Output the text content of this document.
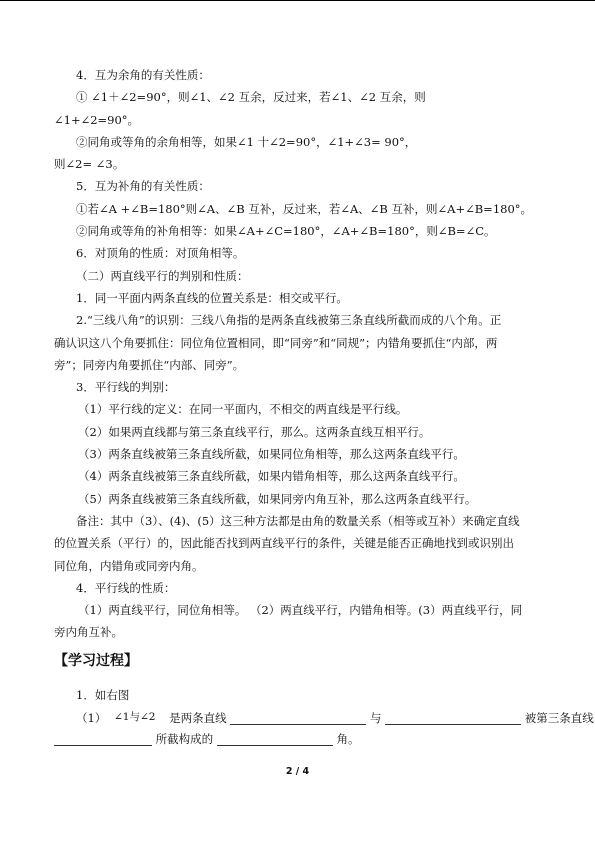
4．互为余角的有关性质：
① ∠1＋∠2=90°，则∠1、∠2 互余，反过来，若∠1、∠2 互余，则
∠1+∠2=90°。
②同角或等角的余角相等，如果∠1 十∠2=90°，∠1+∠3= 90°，
则∠2= ∠3。
5．互为补角的有关性质：
①若∠A +∠B=180°则∠A、∠B 互补，反过来，若∠A、∠B 互补，则∠A+∠B=180°。
②同角或等角的补角相等：如果∠A+∠C=180°，∠A+∠B=180°，则∠B=∠C。
6．对顶角的性质：对顶角相等。
（二）两直线平行的判别和性质：
1．同一平面内两条直线的位置关系是：相交或平行。
2.“三线八角”的识别：三线八角指的是两条直线被第三条直线所截而成的八个角。正
确认识这八个角要抓住：同位角位置相同，即“同旁”和“同规”；内错角要抓住“内部，两
旁”；同旁内角要抓住“内部、同旁”。
3．平行线的判别：
（1）平行线的定义：在同一平面内，不相交的两直线是平行线。
（2）如果两直线都与第三条直线平行，那么。这两条直线互相平行。
（3）两条直线被第三条直线所截，如果同位角相等，那么这两条直线平行。
（4）两条直线被第三条直线所截，如果内错角相等，那么这两条直线平行。
（5）两条直线被第三条直线所截，如果同旁内角互补，那么这两条直线平行。
备注：其中（3）、(4)、(5）这三种方法都是由角的数量关系（相等或互补）来确定直线
的位置关系（平行）的，因此能否找到两直线平行的条件，关键是能否正确地找到或识别出
同位角，内错角或同旁内角。
4．平行线的性质：
（1）两直线平行，同位角相等。 （2）两直线平行，内错角相等。(3）两直线平行，同
旁内角互补。
【学习过程】
1．如右图
（1） ∠1与∠2 是两条直线	与	被第三条直线
所截构成的	角。
2 / 4
